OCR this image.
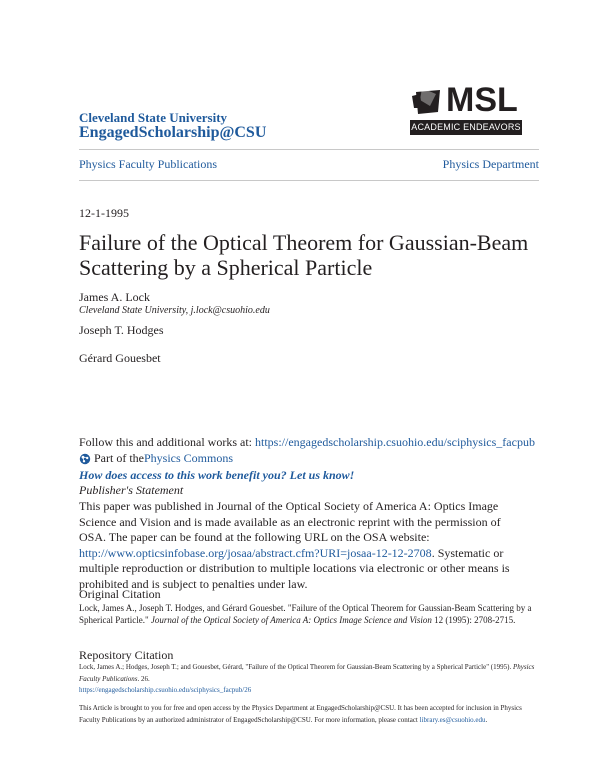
Cleveland State University
EngagedScholarship@CSU
MSL
ACADEMIC ENDEAVORS
Physics Faculty Publications	Physics Department
12-1-1995
Failure of the Optical Theorem for Gaussian-Beam Scattering by a Spherical Particle
James A. Lock
Cleveland State University, j.lock@csuohio.edu
Joseph T. Hodges
Gérard Gouesbet
Follow this and additional works at: https://engagedscholarship.csuohio.edu/sciphysics_facpub
Part of the Physics Commons
How does access to this work benefit you? Let us know!
Publisher's Statement
This paper was published in Journal of the Optical Society of America A: Optics Image Science and Vision and is made available as an electronic reprint with the permission of OSA. The paper can be found at the following URL on the OSA website: http://www.opticsinfobase.org/josaa/abstract.cfm?URI=josaa-12-12-2708. Systematic or multiple reproduction or distribution to multiple locations via electronic or other means is prohibited and is subject to penalties under law.
Original Citation
Lock, James A., Joseph T. Hodges, and Gérard Gouesbet. "Failure of the Optical Theorem for Gaussian-Beam Scattering by a Spherical Particle." Journal of the Optical Society of America A: Optics Image Science and Vision 12 (1995): 2708-2715.
Repository Citation
Lock, James A.; Hodges, Joseph T.; and Gouesbet, Gérard, "Failure of the Optical Theorem for Gaussian-Beam Scattering by a Spherical Particle" (1995). Physics Faculty Publications. 26.
https://engagedscholarship.csuohio.edu/sciphysics_facpub/26
This Article is brought to you for free and open access by the Physics Department at EngagedScholarship@CSU. It has been accepted for inclusion in Physics Faculty Publications by an authorized administrator of EngagedScholarship@CSU. For more information, please contact library.es@csuohio.edu.
